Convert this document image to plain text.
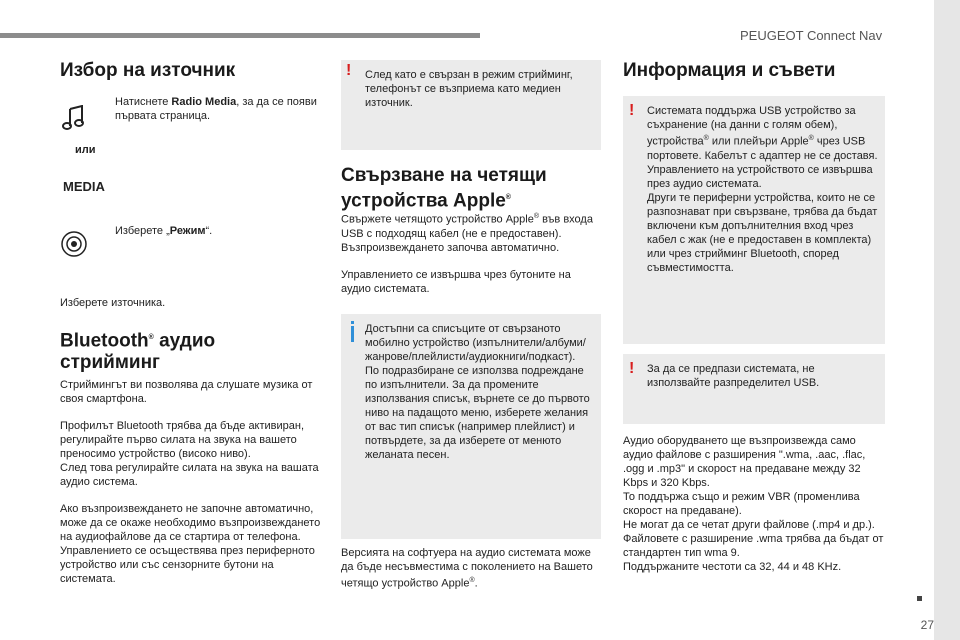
PEUGEOT Connect Nav
27
Избор на източник

Натиснете Radio Media, за да се появи първата страница.

или
MEDIA

Изберете „Режим“.

Изберете източника.

Bluetooth® аудио
стрийминг

Стриймингът ви позволява да слушате музика от своя смартфона.

Профилът Bluetooth трябва да бъде активиран, регулирайте първо силата на звука на вашето преносимо устройство (високо ниво).
След това регулирайте силата на звука на вашата аудио система.

Ако възпроизвеждането не започне автоматично, може да се окаже необходимо възпроизвеждането на аудиофайлове да се стартира от телефона.
Управлението се осъществява през периферното устройство или със сензорните бутони на системата.

! След като е свързан в режим стрийминг, телефонът се възприема като медиен източник.

Свързване на четящи
устройства Apple®

Свържете четящото устройство Apple® във входа USB с подходящ кабел (не е предоставен).
Възпроизвеждането започва автоматично.

Управлението се извършва чрез бутоните на аудио системата.

Достъпни са списъците от свързаното мобилно устройство (изпълнители/албуми/жанрове/плейлисти/аудиокниги/подкаст).
По подразбиране се използва подреждане по изпълнители. За да промените използвания списък, върнете се до първото ниво на падащото меню, изберете желания от вас тип списък (например плейлист) и потвърдете, за да изберете от менюто желаната песен.

Версията на софтуера на аудио системата може да бъде несъвместима с поколението на Вашето четящо устройство Apple®.

Информация и съвети
! Системата поддържа USB устройство за съхранение (на данни с голям обем), устройства® или плейъри Apple® чрез USB портовете. Кабелът с адаптер не се доставя.
Управлението на устройството се извършва през аудио системата.
Други те периферни устройства, които не се разпознават при свързване, трябва да бъдат включени към допълнителния вход чрез кабел с жак (не е предоставен в комплекта) или чрез стрийминг Bluetooth, според съвместимостта.

! За да се предпази системата, не използвайте разпределител USB.

Аудио оборудването ще възпроизвежда само аудио файлове с разширения ".wma, .aac, .flac, .ogg и .mp3" и скорост на предаване между 32 Kbps и 320 Kbps.
То поддържа също и режим VBR (променлива скорост на предаване).
Не могат да се четат други файлове (.mp4 и др.).
Файловете с разширение .wma трябва да бъдат от стандартен тип wma 9.
Поддържаните честоти са 32, 44 и 48 KHz.
